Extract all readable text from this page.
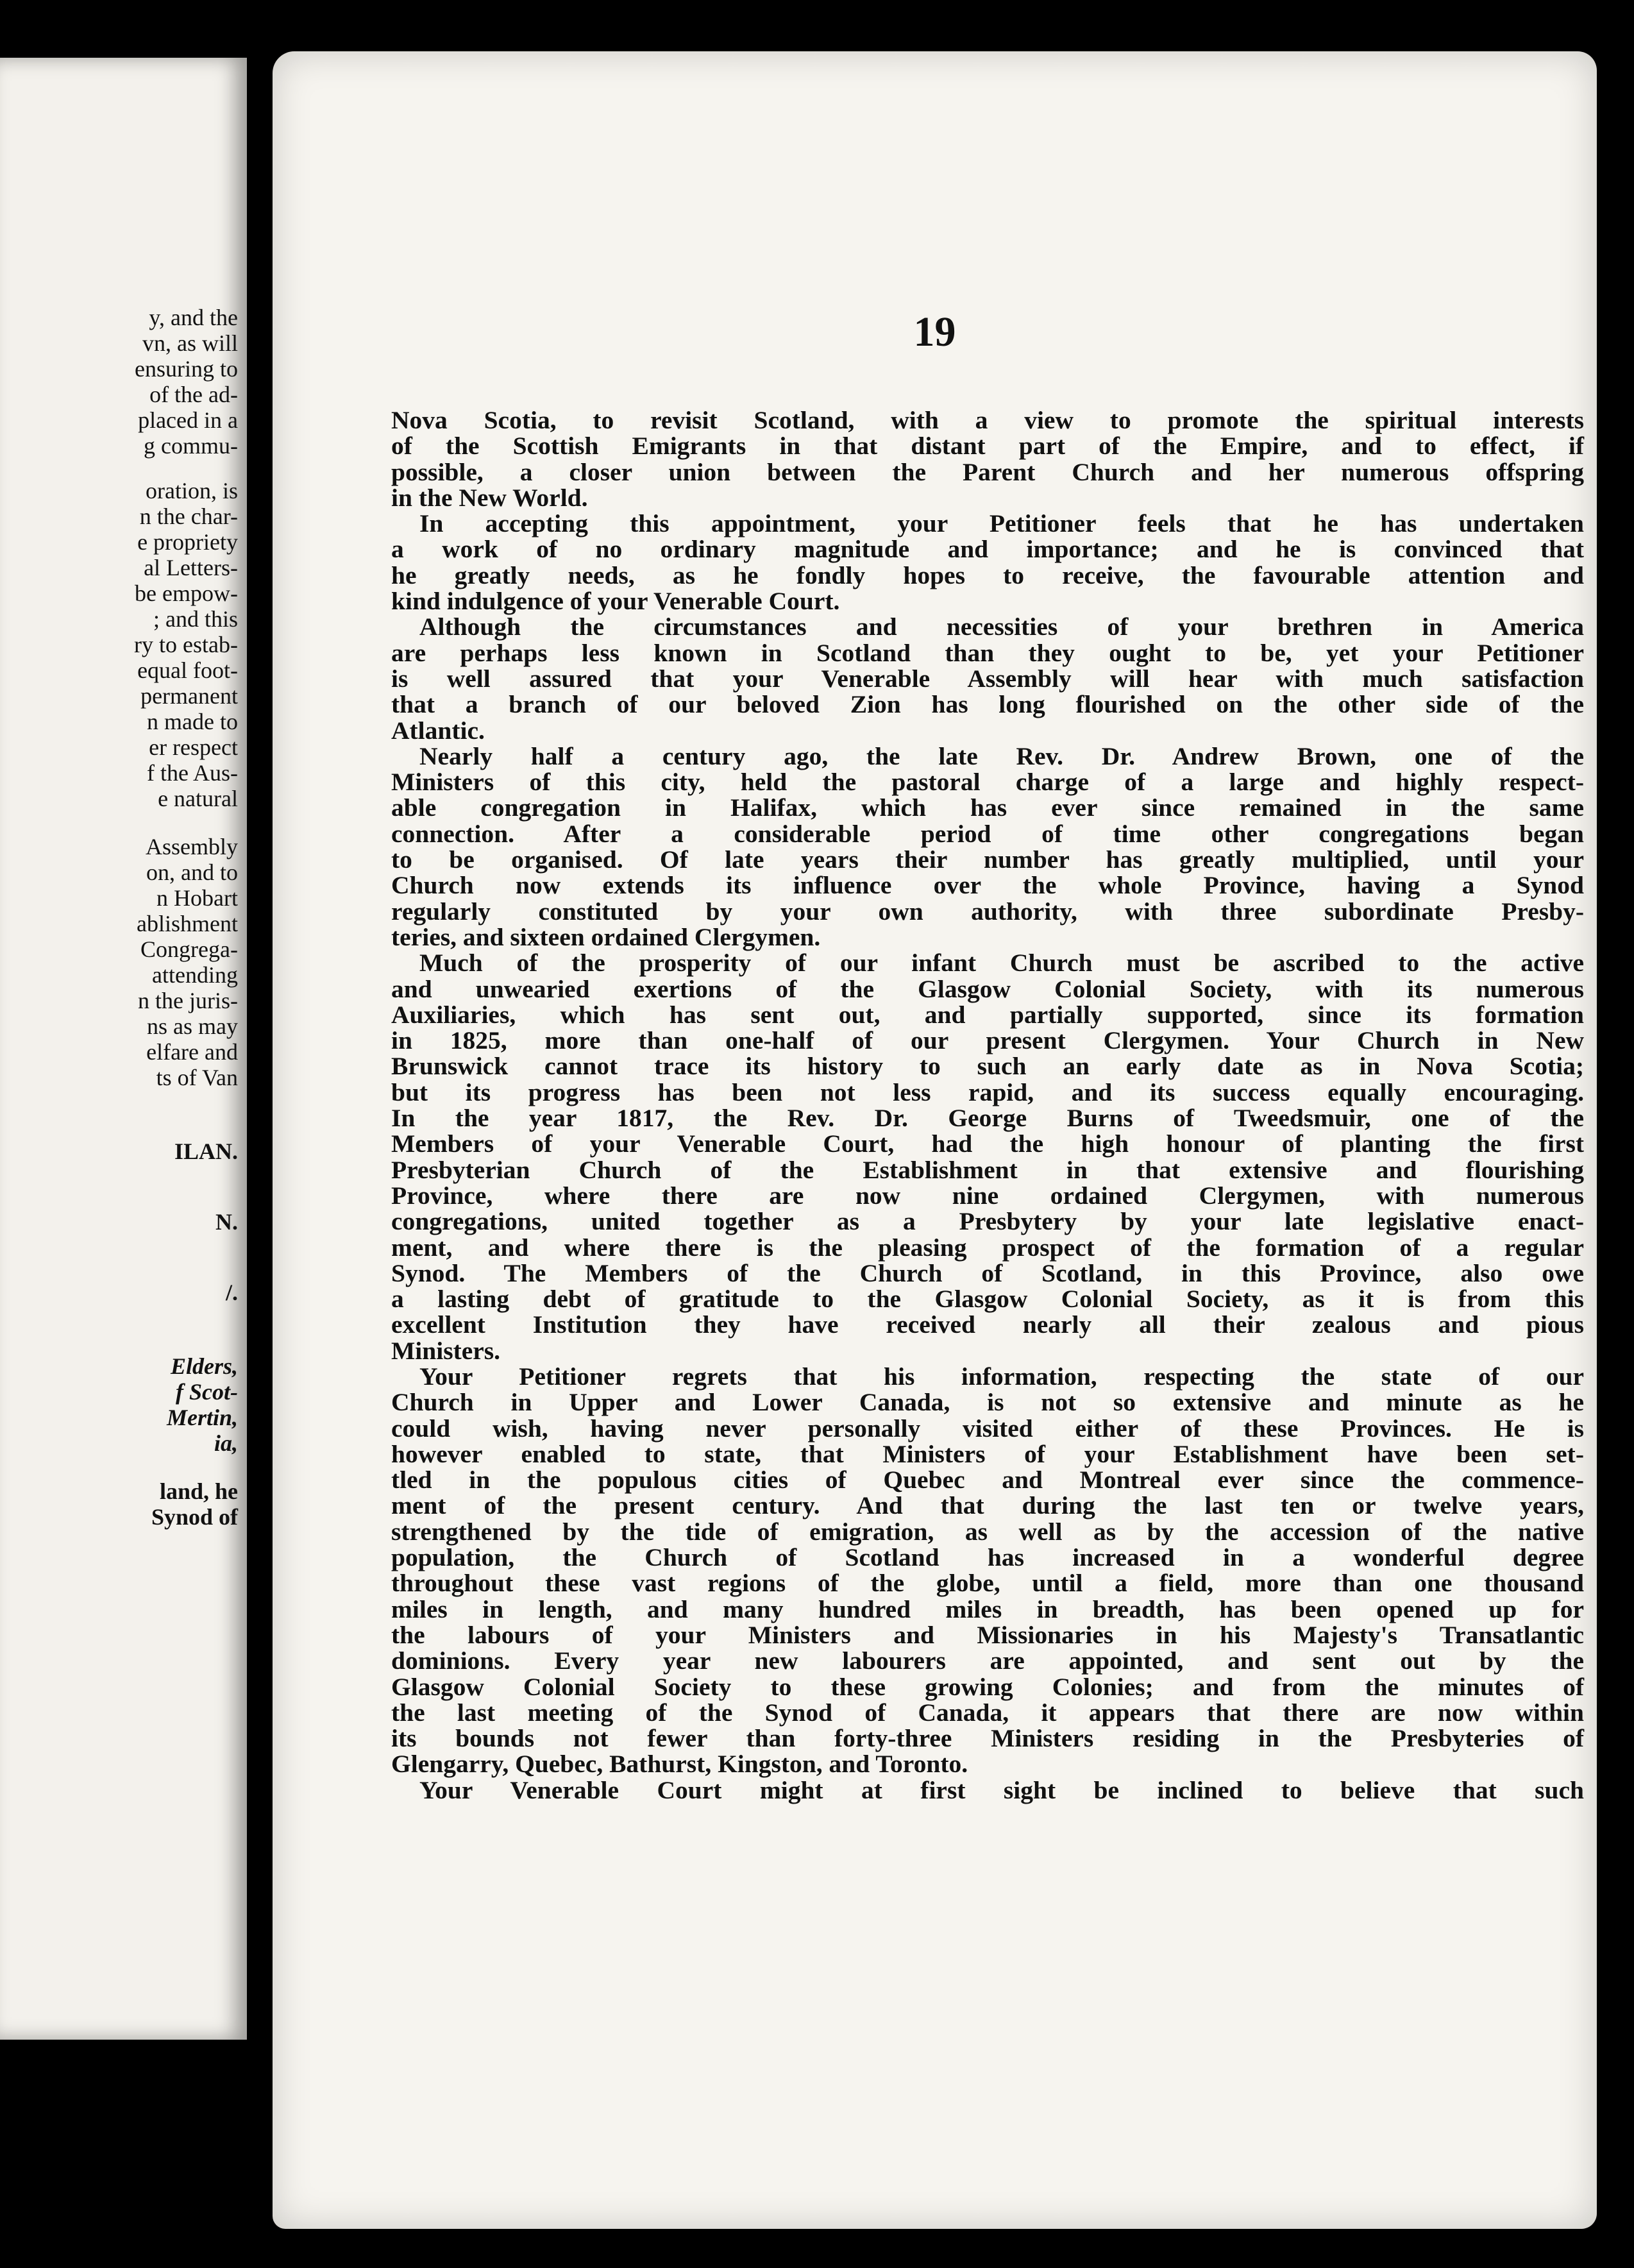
y, and the
vn, as will
ensuring to
of the ad-
placed in a
g commu-
oration, is
n the char-
e propriety
al Letters-
be empow-
; and this
ry to estab-
equal foot-
permanent
n made to
er respect
f the Aus-
e natural
Assembly
on, and to
n Hobart
ablishment
Congrega-
attending
n the juris-
ns as may
elfare and
ts of Van
ILAN.
N.
/.
Elders,
f Scot-
Mertin,
ia,
land, he
Synod of
19
Nova Scotia, to revisit Scotland, with a view to promote the spiritual interests
of the Scottish Emigrants in that distant part of the Empire, and to effect, if
possible, a closer union between the Parent Church and her numerous offspring
in the New World.
In accepting this appointment, your Petitioner feels that he has undertaken
a work of no ordinary magnitude and importance; and he is convinced that
he greatly needs, as he fondly hopes to receive, the favourable attention and
kind indulgence of your Venerable Court.
Although the circumstances and necessities of your brethren in America
are perhaps less known in Scotland than they ought to be, yet your Petitioner
is well assured that your Venerable Assembly will hear with much satisfaction
that a branch of our beloved Zion has long flourished on the other side of the
Atlantic.
Nearly half a century ago, the late Rev. Dr. Andrew Brown, one of the
Ministers of this city, held the pastoral charge of a large and highly respect-
able congregation in Halifax, which has ever since remained in the same
connection. After a considerable period of time other congregations began
to be organised. Of late years their number has greatly multiplied, until your
Church now extends its influence over the whole Province, having a Synod
regularly constituted by your own authority, with three subordinate Presby-
teries, and sixteen ordained Clergymen.
Much of the prosperity of our infant Church must be ascribed to the active
and unwearied exertions of the Glasgow Colonial Society, with its numerous
Auxiliaries, which has sent out, and partially supported, since its formation
in 1825, more than one-half of our present Clergymen. Your Church in New
Brunswick cannot trace its history to such an early date as in Nova Scotia;
but its progress has been not less rapid, and its success equally encouraging.
In the year 1817, the Rev. Dr. George Burns of Tweedsmuir, one of the
Members of your Venerable Court, had the high honour of planting the first
Presbyterian Church of the Establishment in that extensive and flourishing
Province, where there are now nine ordained Clergymen, with numerous
congregations, united together as a Presbytery by your late legislative enact-
ment, and where there is the pleasing prospect of the formation of a regular
Synod. The Members of the Church of Scotland, in this Province, also owe
a lasting debt of gratitude to the Glasgow Colonial Society, as it is from this
excellent Institution they have received nearly all their zealous and pious
Ministers.
Your Petitioner regrets that his information, respecting the state of our
Church in Upper and Lower Canada, is not so extensive and minute as he
could wish, having never personally visited either of these Provinces. He is
however enabled to state, that Ministers of your Establishment have been set-
tled in the populous cities of Quebec and Montreal ever since the commence-
ment of the present century. And that during the last ten or twelve years,
strengthened by the tide of emigration, as well as by the accession of the native
population, the Church of Scotland has increased in a wonderful degree
throughout these vast regions of the globe, until a field, more than one thousand
miles in length, and many hundred miles in breadth, has been opened up for
the labours of your Ministers and Missionaries in his Majesty's Transatlantic
dominions. Every year new labourers are appointed, and sent out by the
Glasgow Colonial Society to these growing Colonies; and from the minutes of
the last meeting of the Synod of Canada, it appears that there are now within
its bounds not fewer than forty-three Ministers residing in the Presbyteries of
Glengarry, Quebec, Bathurst, Kingston, and Toronto.
Your Venerable Court might at first sight be inclined to believe that such
